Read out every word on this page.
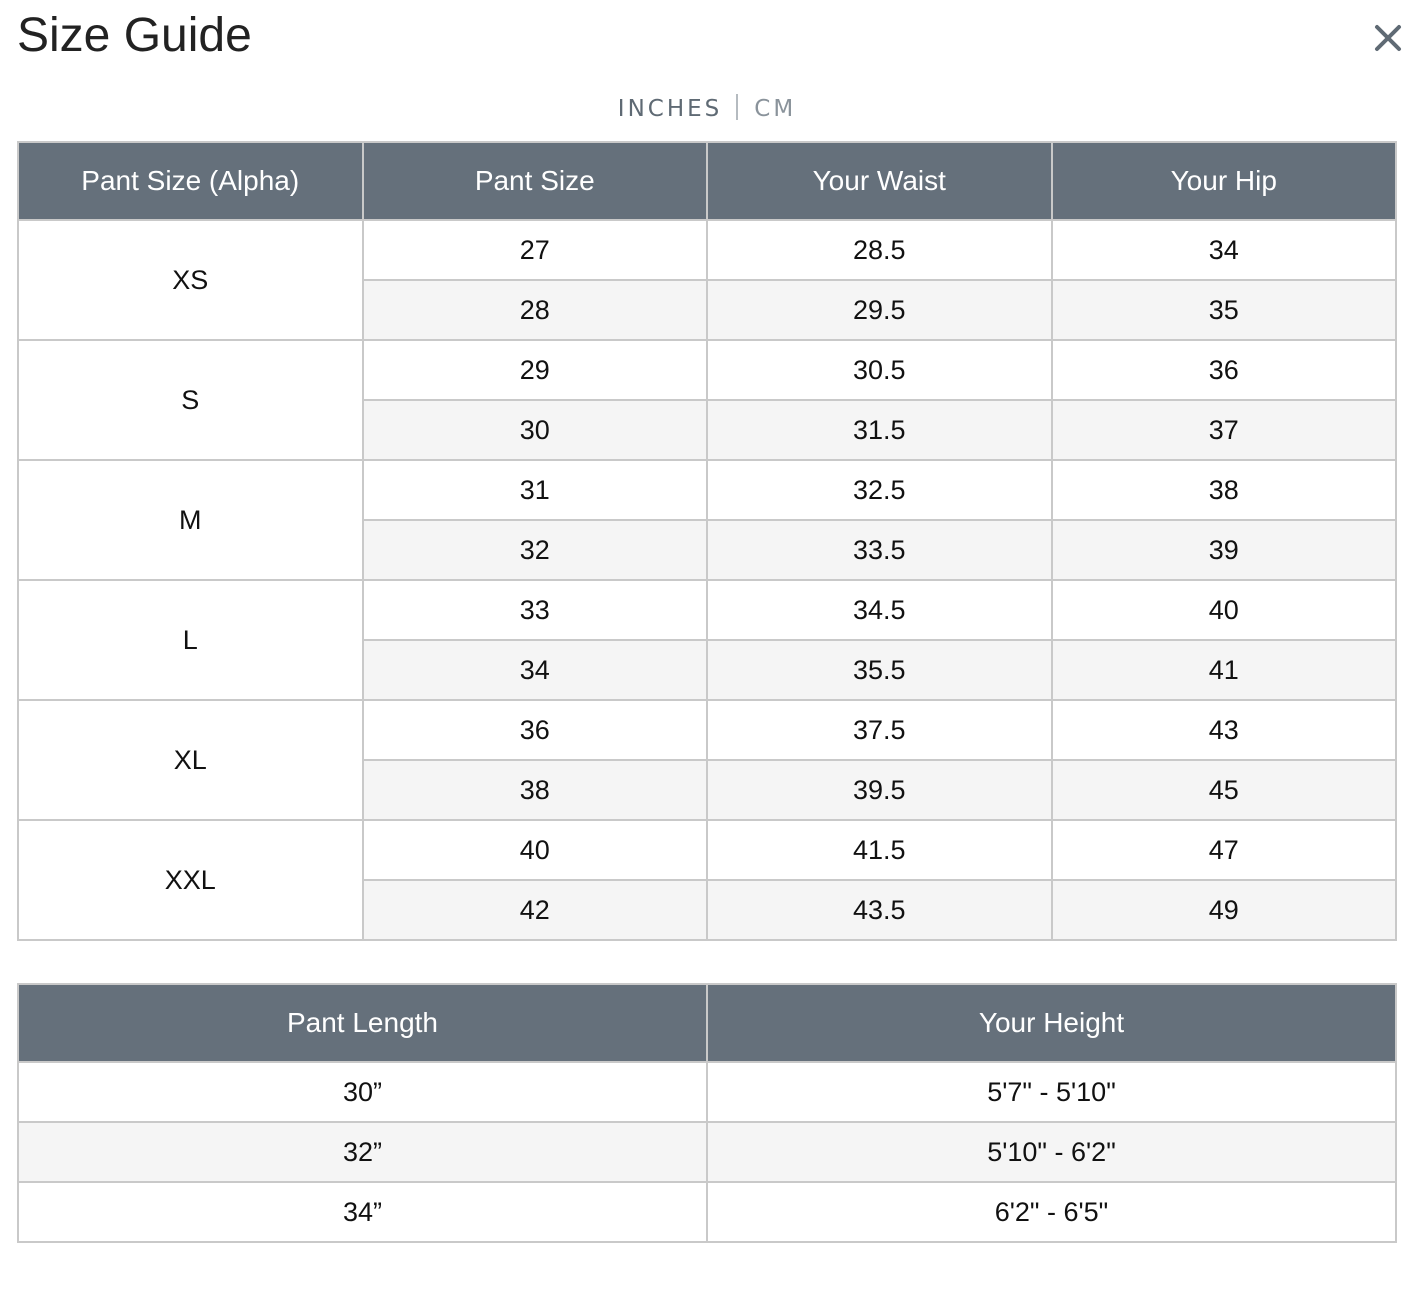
Size Guide
INCHES CM
Pant Size (Alpha)	Pant Size	Your Waist	Your Hip
XS	27	28.5	34
	28	29.5	35
S	29	30.5	36
	30	31.5	37
M	31	32.5	38
	32	33.5	39
L	33	34.5	40
	34	35.5	41
XL	36	37.5	43
	38	39.5	45
XXL	40	41.5	47
	42	43.5	49
Pant Length	Your Height
30”	5'7" - 5'10"
32”	5'10" - 6'2"
34”	6'2" - 6'5"
